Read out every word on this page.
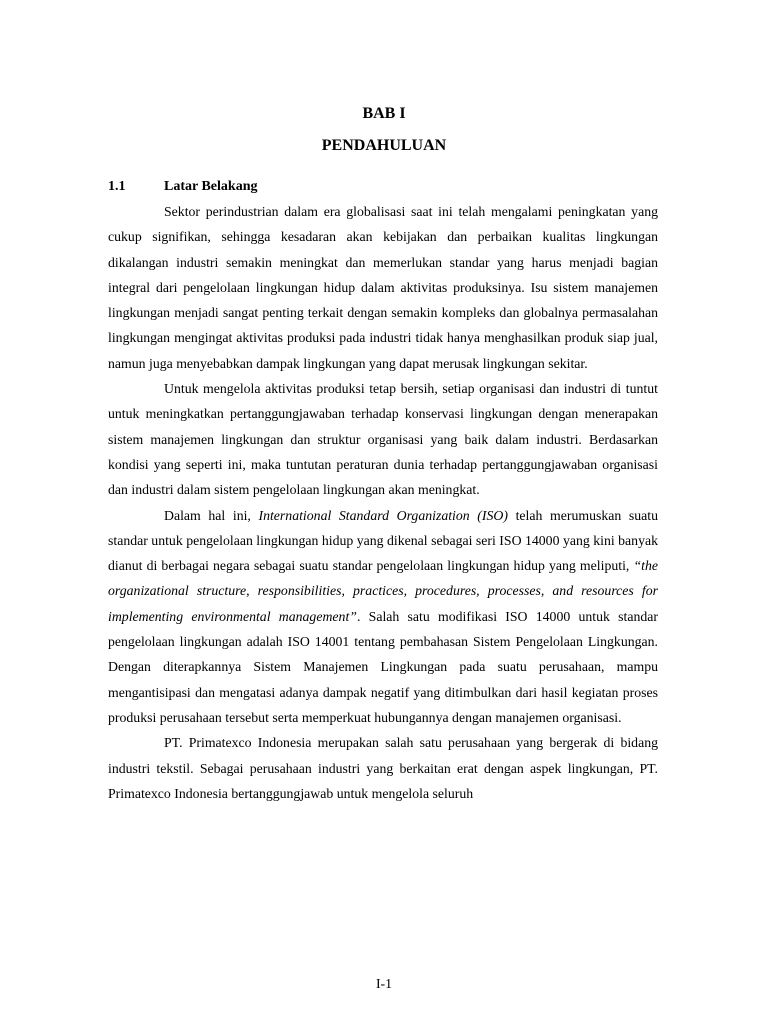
BAB I
PENDAHULUAN
1.1	Latar Belakang

Sektor perindustrian dalam era globalisasi saat ini telah mengalami peningkatan yang cukup signifikan, sehingga kesadaran akan kebijakan dan perbaikan kualitas lingkungan dikalangan industri semakin meningkat dan memerlukan standar yang harus menjadi bagian integral dari pengelolaan lingkungan hidup dalam aktivitas produksinya. Isu sistem manajemen lingkungan menjadi sangat penting terkait dengan semakin kompleks dan globalnya permasalahan lingkungan mengingat aktivitas produksi pada industri tidak hanya menghasilkan produk siap jual, namun juga menyebabkan dampak lingkungan yang dapat merusak lingkungan sekitar.

Untuk mengelola aktivitas produksi tetap bersih, setiap organisasi dan industri di tuntut untuk meningkatkan pertanggungjawaban terhadap konservasi lingkungan dengan menerapakan sistem manajemen lingkungan dan struktur organisasi yang baik dalam industri. Berdasarkan kondisi yang seperti ini, maka tuntutan peraturan dunia terhadap pertanggungjawaban organisasi dan industri dalam sistem pengelolaan lingkungan akan meningkat.

Dalam hal ini, International Standard Organization (ISO) telah merumuskan suatu standar untuk pengelolaan lingkungan hidup yang dikenal sebagai seri ISO 14000 yang kini banyak dianut di berbagai negara sebagai suatu standar pengelolaan lingkungan hidup yang meliputi, “the organizational structure, responsibilities, practices, procedures, processes, and resources for implementing environmental management”. Salah satu modifikasi ISO 14000 untuk standar pengelolaan lingkungan adalah ISO 14001 tentang pembahasan Sistem Pengelolaan Lingkungan. Dengan diterapkannya Sistem Manajemen Lingkungan pada suatu perusahaan, mampu mengantisipasi dan mengatasi adanya dampak negatif yang ditimbulkan dari hasil kegiatan proses produksi perusahaan tersebut serta memperkuat hubungannya dengan manajemen organisasi.

PT. Primatexco Indonesia merupakan salah satu perusahaan yang bergerak di bidang industri tekstil. Sebagai perusahaan industri yang berkaitan erat dengan aspek lingkungan, PT. Primatexco Indonesia bertanggungjawab untuk mengelola seluruh

I-1
